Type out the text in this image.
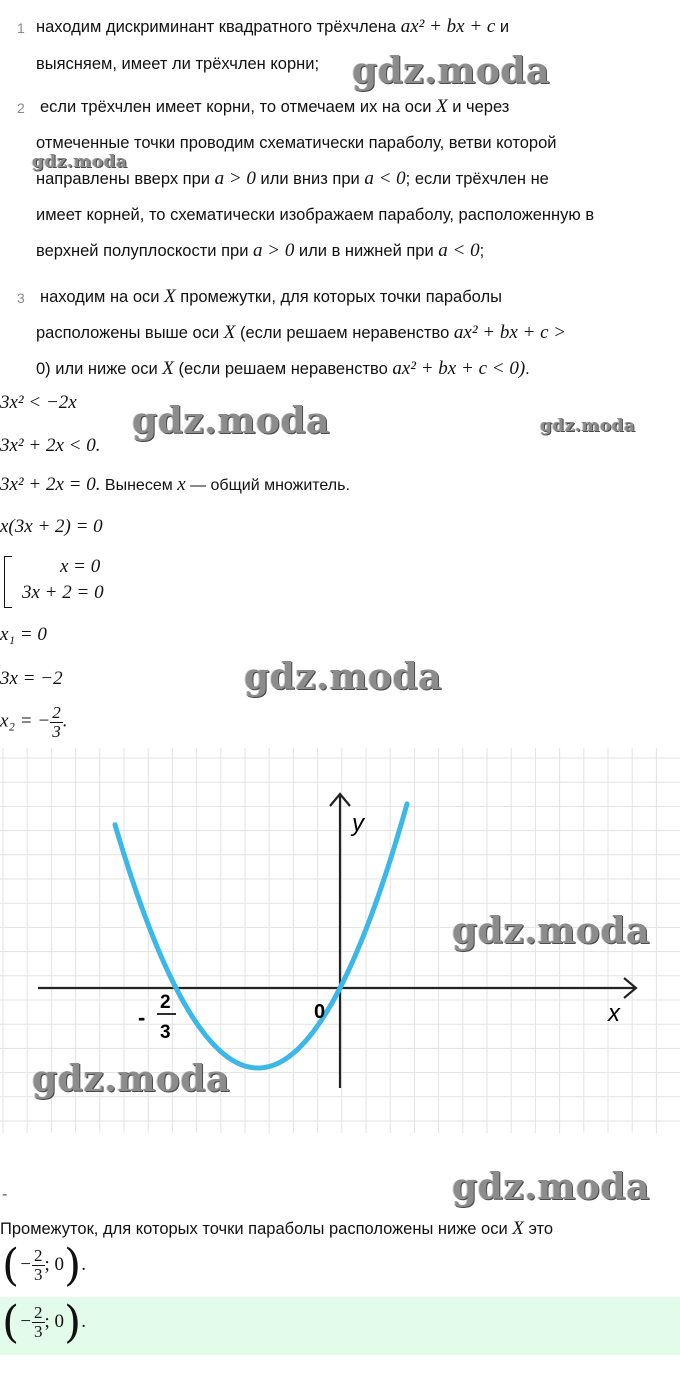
1 находим дискриминант квадратного трёхчлена ax² + bx + c и
выясняем, имеет ли трёхчлен корни;
2 если трёхчлен имеет корни, то отмечаем их на оси X и через
отмеченные точки проводим схематически параболу, ветви которой
направлены вверх при a > 0 или вниз при a < 0; если трёхчлен не
имеет корней, то схематически изображаем параболу, расположенную в
верхней полуплоскости при a > 0 или в нижней при a < 0;
3 находим на оси X промежутки, для которых точки параболы
расположены выше оси X (если решаем неравенство ax² + bx + c >
0) или ниже оси X (если решаем неравенство ax² + bx + c < 0).
3x² < −2x
3x² + 2x < 0.
3x² + 2x = 0. Вынесем x — общий множитель.
x(3x + 2) = 0
x = 0
3x + 2 = 0
x₁ = 0
3x = −2
x₂ = − $\frac{2}{3}$ .
y
x
0
-
2
3
-
Промежуток, для которых точки параболы расположены ниже оси X это
(− $\frac{2}{3}$ ; 0).
(− $\frac{2}{3}$ ; 0).
gdz.moda
gdz.moda
gdz.moda	gdz.moda
gdz.moda
gdz.moda
gdz.moda
gdz.moda
